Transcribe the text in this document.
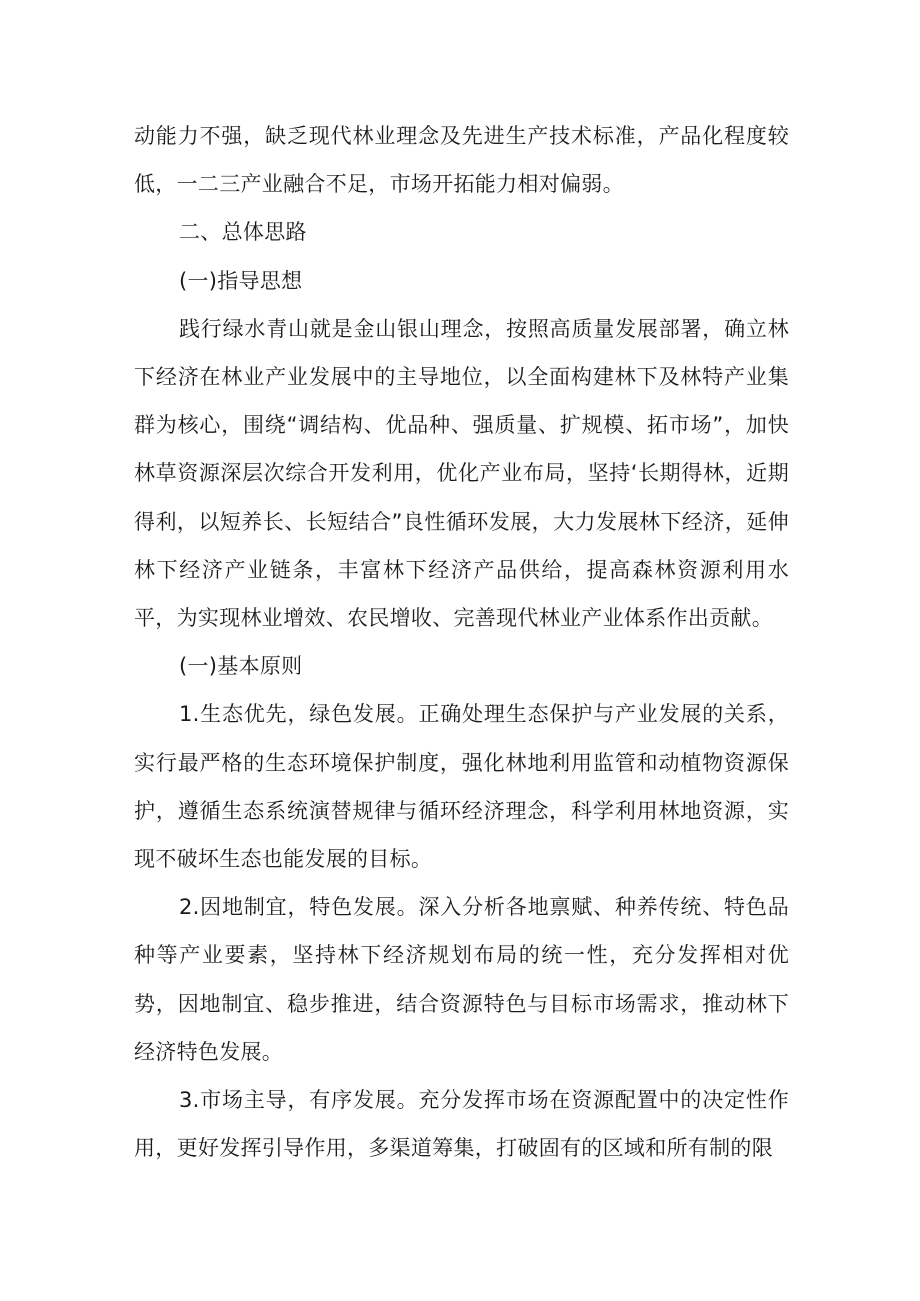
动能力不强，缺乏现代林业理念及先进生产技术标准，产品化程度较低，一二三产业融合不足，市场开拓能力相对偏弱。

二、总体思路

(一)指导思想

践行绿水青山就是金山银山理念，按照高质量发展部署，确立林下经济在林业产业发展中的主导地位，以全面构建林下及林特产业集群为核心，围绕“调结构、优品种、强质量、扩规模、拓市场”，加快林草资源深层次综合开发利用，优化产业布局，坚持‘长期得林，近期得利，以短养长、长短结合”良性循环发展，大力发展林下经济，延伸林下经济产业链条，丰富林下经济产品供给，提高森林资源利用水平，为实现林业增效、农民增收、完善现代林业产业体系作出贡献。

(一)基本原则

1.生态优先，绿色发展。正确处理生态保护与产业发展的关系，实行最严格的生态环境保护制度，强化林地利用监管和动植物资源保护，遵循生态系统演替规律与循环经济理念，科学利用林地资源，实现不破坏生态也能发展的目标。

2.因地制宜，特色发展。深入分析各地禀赋、种养传统、特色品种等产业要素，坚持林下经济规划布局的统一性，充分发挥相对优势，因地制宜、稳步推进，结合资源特色与目标市场需求，推动林下经济特色发展。

3.市场主导，有序发展。充分发挥市场在资源配置中的决定性作用，更好发挥引导作用，多渠道筹集，打破固有的区域和所有制的限
